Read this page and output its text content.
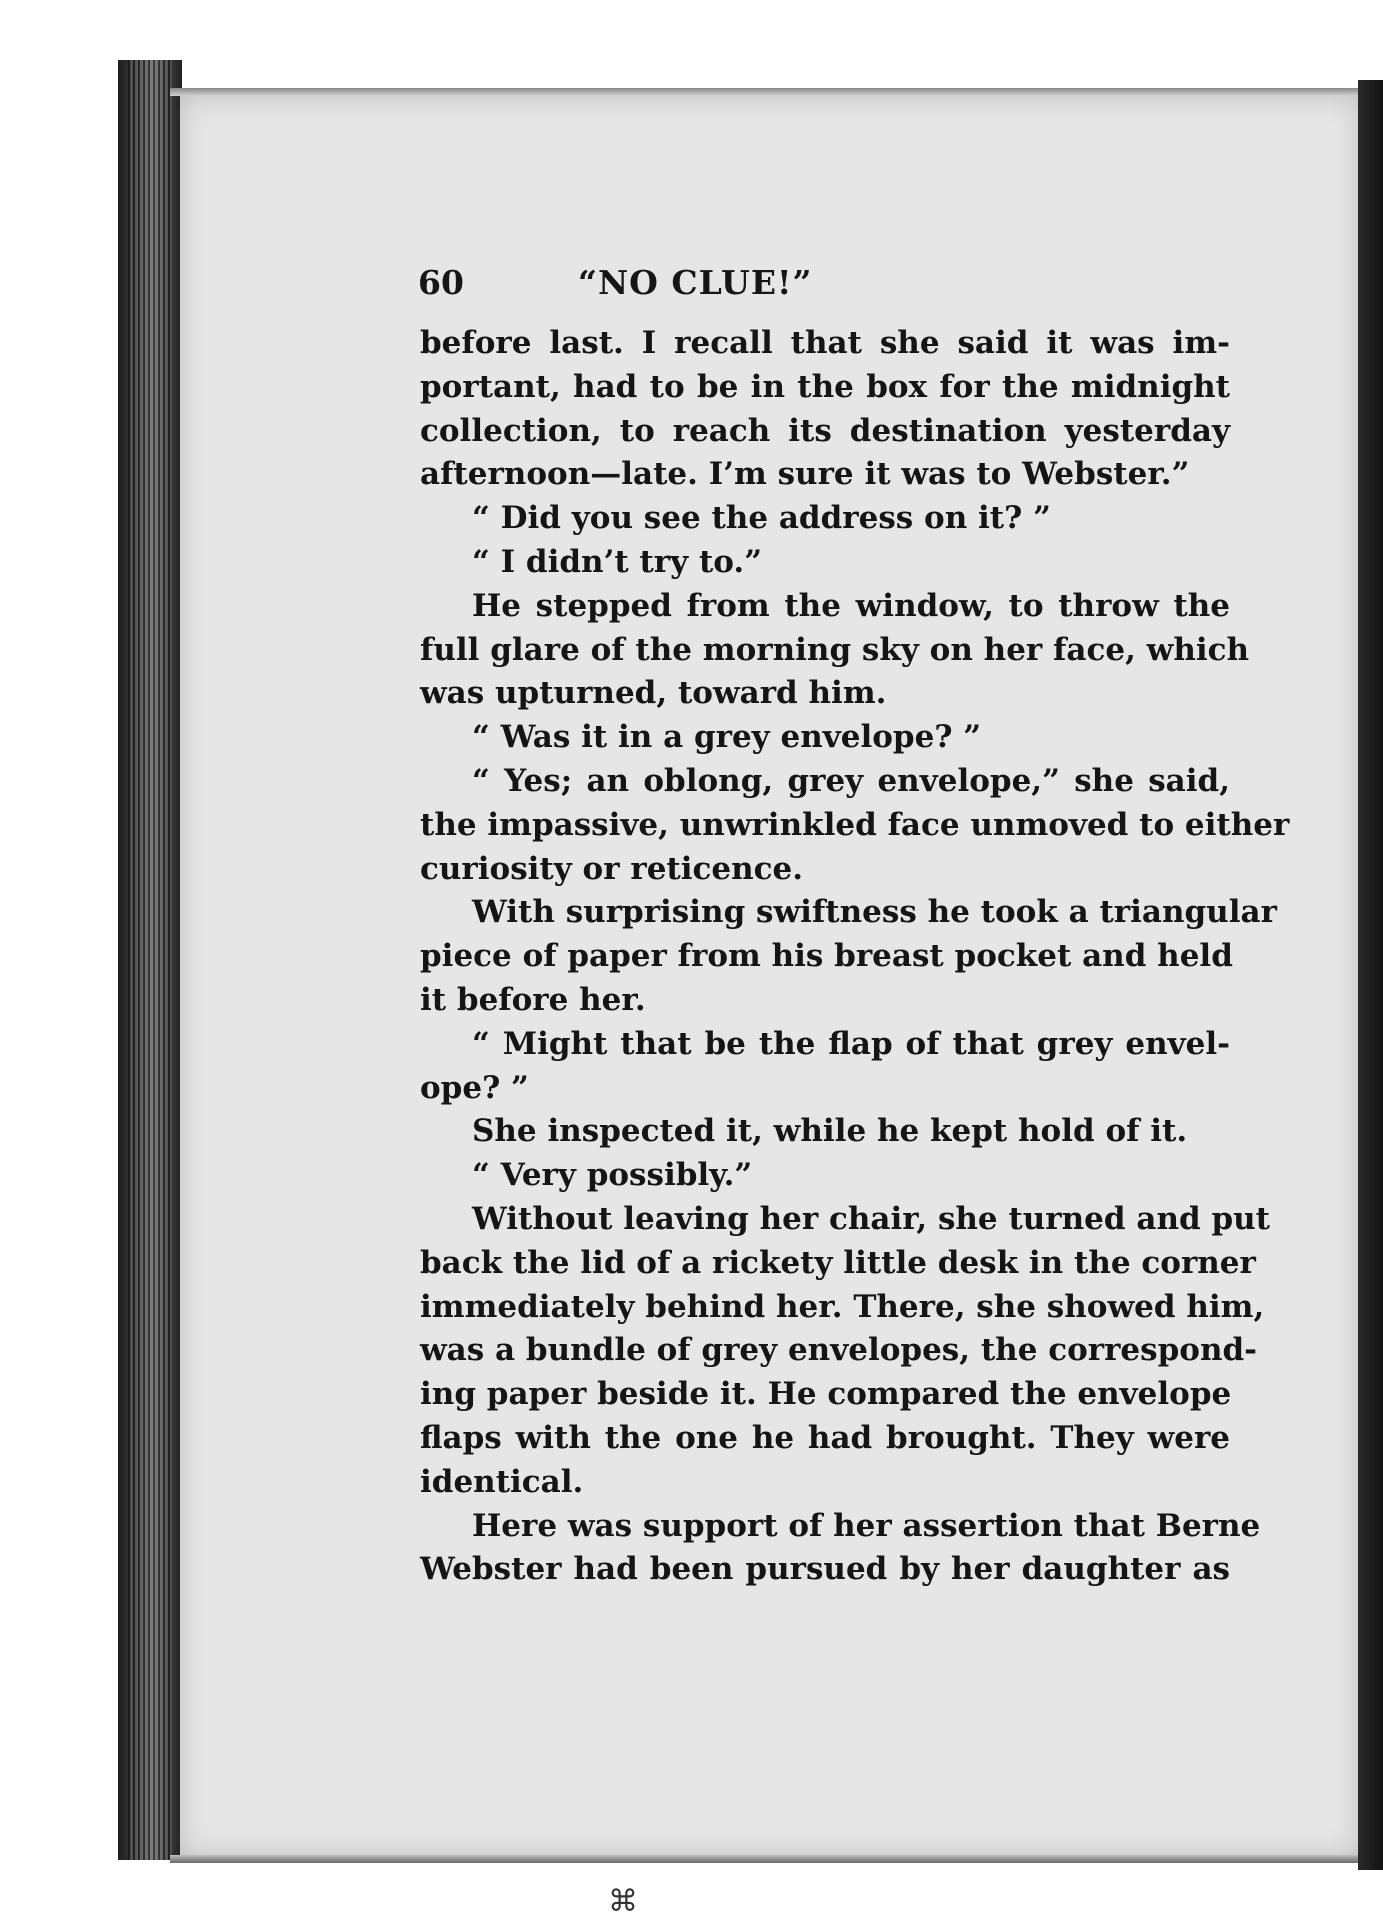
60	“NO CLUE!”
before last. I recall that she said it was im-
portant, had to be in the box for the midnight
collection, to reach its destination yesterday
afternoon—late. I’m sure it was to Webster.”
“ Did you see the address on it? ”
“ I didn’t try to.”
He stepped from the window, to throw the
full glare of the morning sky on her face, which
was upturned, toward him.
“ Was it in a grey envelope? ”
“ Yes; an oblong, grey envelope,” she said,
the impassive, unwrinkled face unmoved to either
curiosity or reticence.
With surprising swiftness he took a triangular
piece of paper from his breast pocket and held
it before her.
“ Might that be the flap of that grey envel-
ope? ”
She inspected it, while he kept hold of it.
“ Very possibly.”
Without leaving her chair, she turned and put
back the lid of a rickety little desk in the corner
immediately behind her. There, she showed him,
was a bundle of grey envelopes, the correspond-
ing paper beside it. He compared the envelope
flaps with the one he had brought. They were
identical.
Here was support of her assertion that Berne
Webster had been pursued by her daughter as
⌘
